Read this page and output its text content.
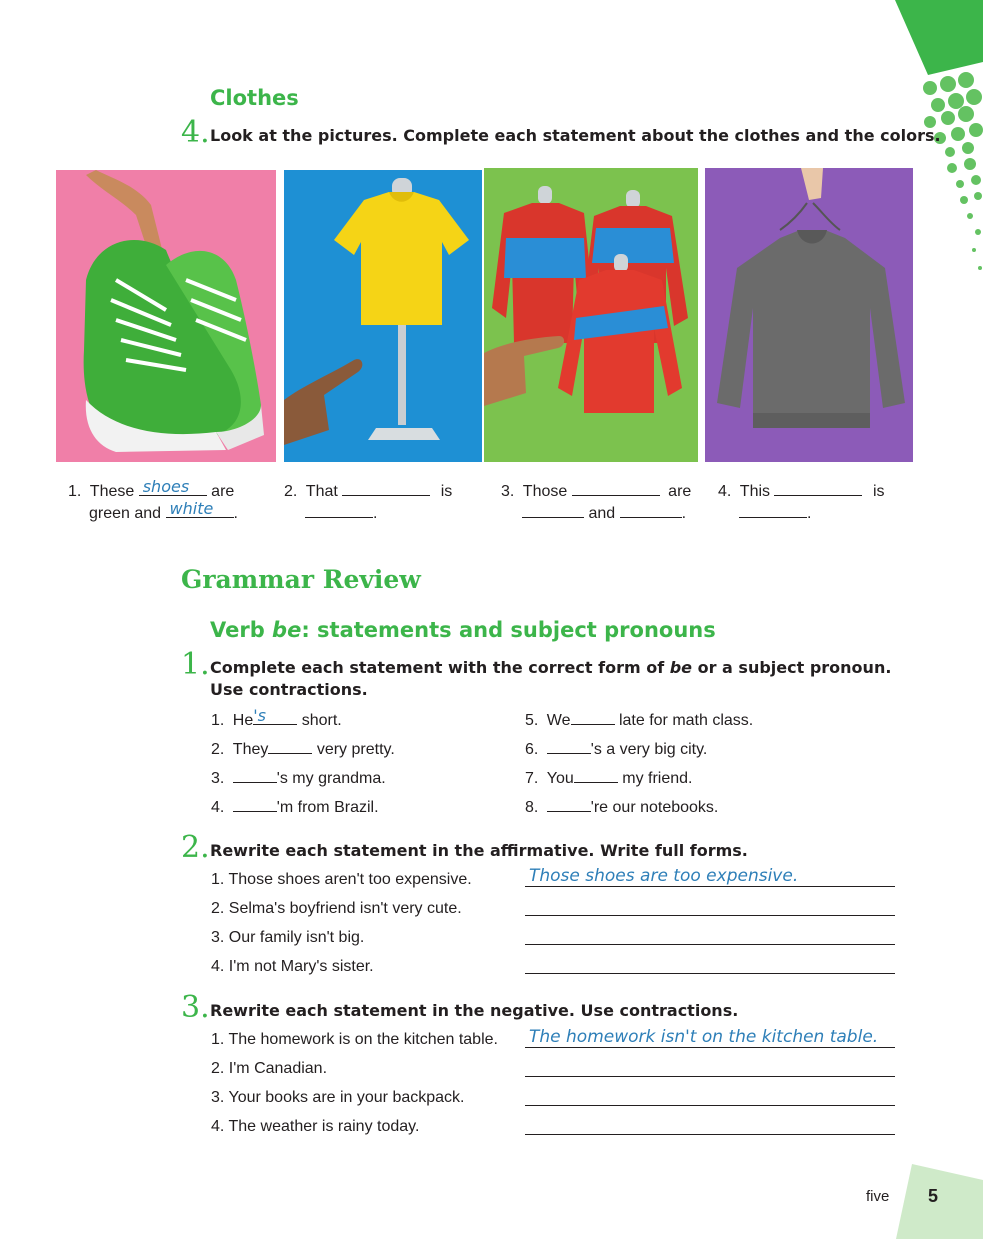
Clothes
4. Look at the pictures. Complete each statement about the clothes and the colors.
1. These shoes are
green and white .
2. That	is
.
3. Those	are
and	.
4. This	is
.
Grammar Review
Verb be: statements and subject pronouns
1. Complete each statement with the correct form of be or a subject pronoun.
Use contractions.
1. He 's short.
2. They	very pretty.
3.	's my grandma.
4.	'm from Brazil.
5. We	late for math class.
6.	's a very big city.
7. You	my friend.
8.	're our notebooks.
2. Rewrite each statement in the affirmative. Write full forms.
1. Those shoes aren't too expensive.	Those shoes are too expensive.
2. Selma's boyfriend isn't very cute.
3. Our family isn't big.
4. I'm not Mary's sister.
3. Rewrite each statement in the negative. Use contractions.
1. The homework is on the kitchen table. The homework isn't on the kitchen table.
2. I'm Canadian.
3. Your books are in your backpack.
4. The weather is rainy today.
five 5
